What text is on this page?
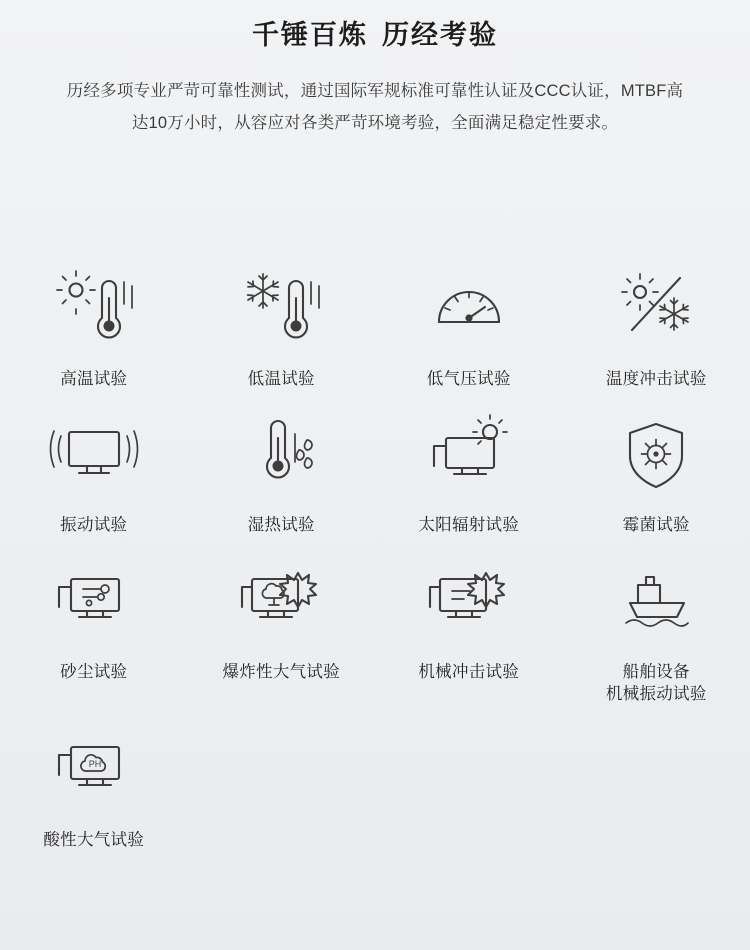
千锤百炼 历经考验
历经多项专业严苛可靠性测试，通过国际军规标准可靠性认证及CCC认证，MTBF高达10万小时，从容应对各类严苛环境考验，全面满足稳定性要求。
高温试验	低温试验	低气压试验	温度冲击试验
振动试验	湿热试验	太阳辐射试验	霉菌试验
砂尘试验	爆炸性大气试验	机械冲击试验	船舶设备
机械振动试验
PH
酸性大气试验
